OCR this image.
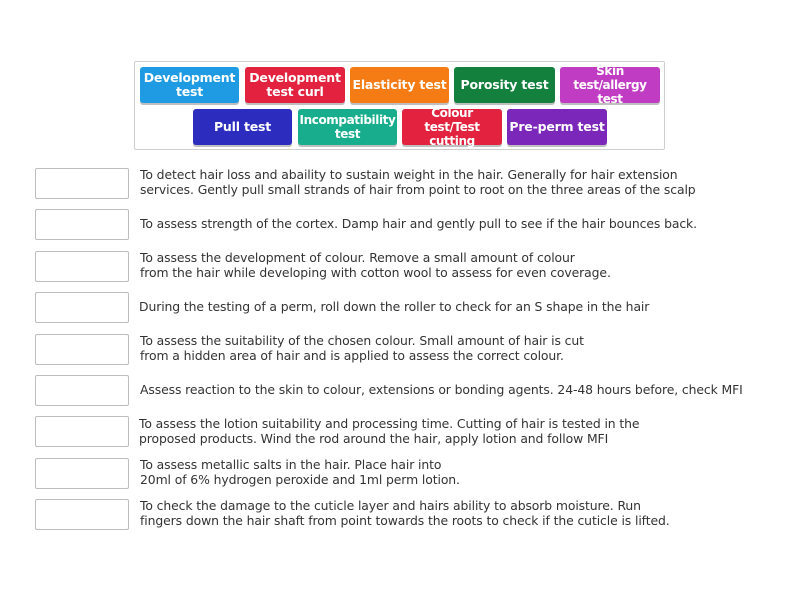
Development
test
Development
test curl	Elasticity test	Porosity test
Skin
test/allergy test
Pull test	Incompatibility
test
Colour test/Test
cutting
Pre-perm test
To detect hair loss and abaility to sustain weight in the hair. Generally for hair extension
services. Gently pull small strands of hair from point to root on the three areas of the scalp
To assess strength of the cortex. Damp hair and gently pull to see if the hair bounces back.
To assess the development of colour. Remove a small amount of colour
from the hair while developing with cotton wool to assess for even coverage.
During the testing of a perm, roll down the roller to check for an S shape in the hair
To assess the suitability of the chosen colour. Small amount of hair is cut
from a hidden area of hair and is applied to assess the correct colour.
Assess reaction to the skin to colour, extensions or bonding agents. 24-48 hours before, check MFI
To assess the lotion suitability and processing time. Cutting of hair is tested in the
proposed products. Wind the rod around the hair, apply lotion and follow MFI
To assess metallic salts in the hair. Place hair into
20ml of 6% hydrogen peroxide and 1ml perm lotion.
To check the damage to the cuticle layer and hairs ability to absorb moisture. Run
fingers down the hair shaft from point towards the roots to check if the cuticle is lifted.
